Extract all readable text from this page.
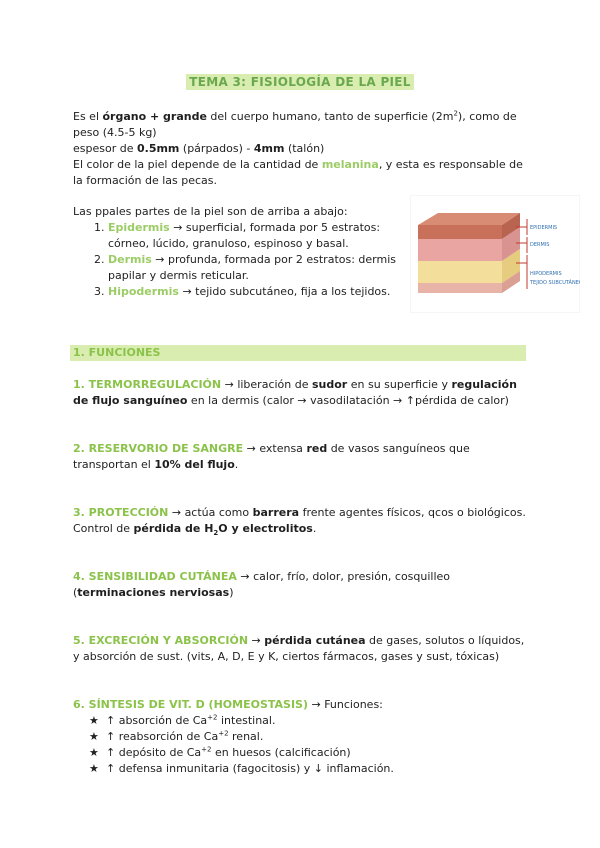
TEMA 3: FISIOLOGÍA DE LA PIEL
Es el órgano + grande del cuerpo humano, tanto de superficie $(2m^2)$, como de peso (4.5-5 kg)
espesor de 0.5mm (párpados) - 4mm (talón)
El color de la piel depende de la cantidad de melanina, y esta es responsable de la formación de las pecas.
Las ppales partes de la piel son de arriba a abajo:
1. Epidermis → superficial, formada por 5 estratos: córneo, lúcido, granuloso, espinoso y basal.
2. Dermis → profunda, formada por 2 estratos: dermis papilar y dermis reticular.
3. Hipodermis → tejido subcutáneo, fija a los tejidos.
EPIDERMIS
DERMIS
HIPODERMIS
TEJIDO SUBCUTÁNEO
1. FUNCIONES
1. TERMORREGULACIÓN → liberación de sudor en su superficie y regulación de flujo sanguíneo en la dermis (calor → vasodilatación → ↑pérdida de calor)
2. RESERVORIO DE SANGRE → extensa red de vasos sanguíneos que transportan el 10% del flujo.
3. PROTECCIÓN → actúa como barrera frente agentes físicos, qcos o biológicos. Control de pérdida de $H_2O$ y electrolitos.
4. SENSIBILIDAD CUTÁNEA → calor, frío, dolor, presión, cosquilleo (terminaciones nerviosas)
5. EXCRECIÓN Y ABSORCIÓN → pérdida cutánea de gases, solutos o líquidos, y absorción de sust. (vits, A, D, E y K, ciertos fármacos, gases y sust, tóxicas)
6. SÍNTESIS DE VIT. D (HOMEOSTASIS) → Funciones:
★ ↑ absorción de $Ca^{+2}$ intestinal.
★ ↑ reabsorción de $Ca^{+2}$ renal.
★ ↑ depósito de $Ca^{+2}$ en huesos (calcificación)
★ ↑ defensa inmunitaria (fagocitosis) y ↓ inflamación.
